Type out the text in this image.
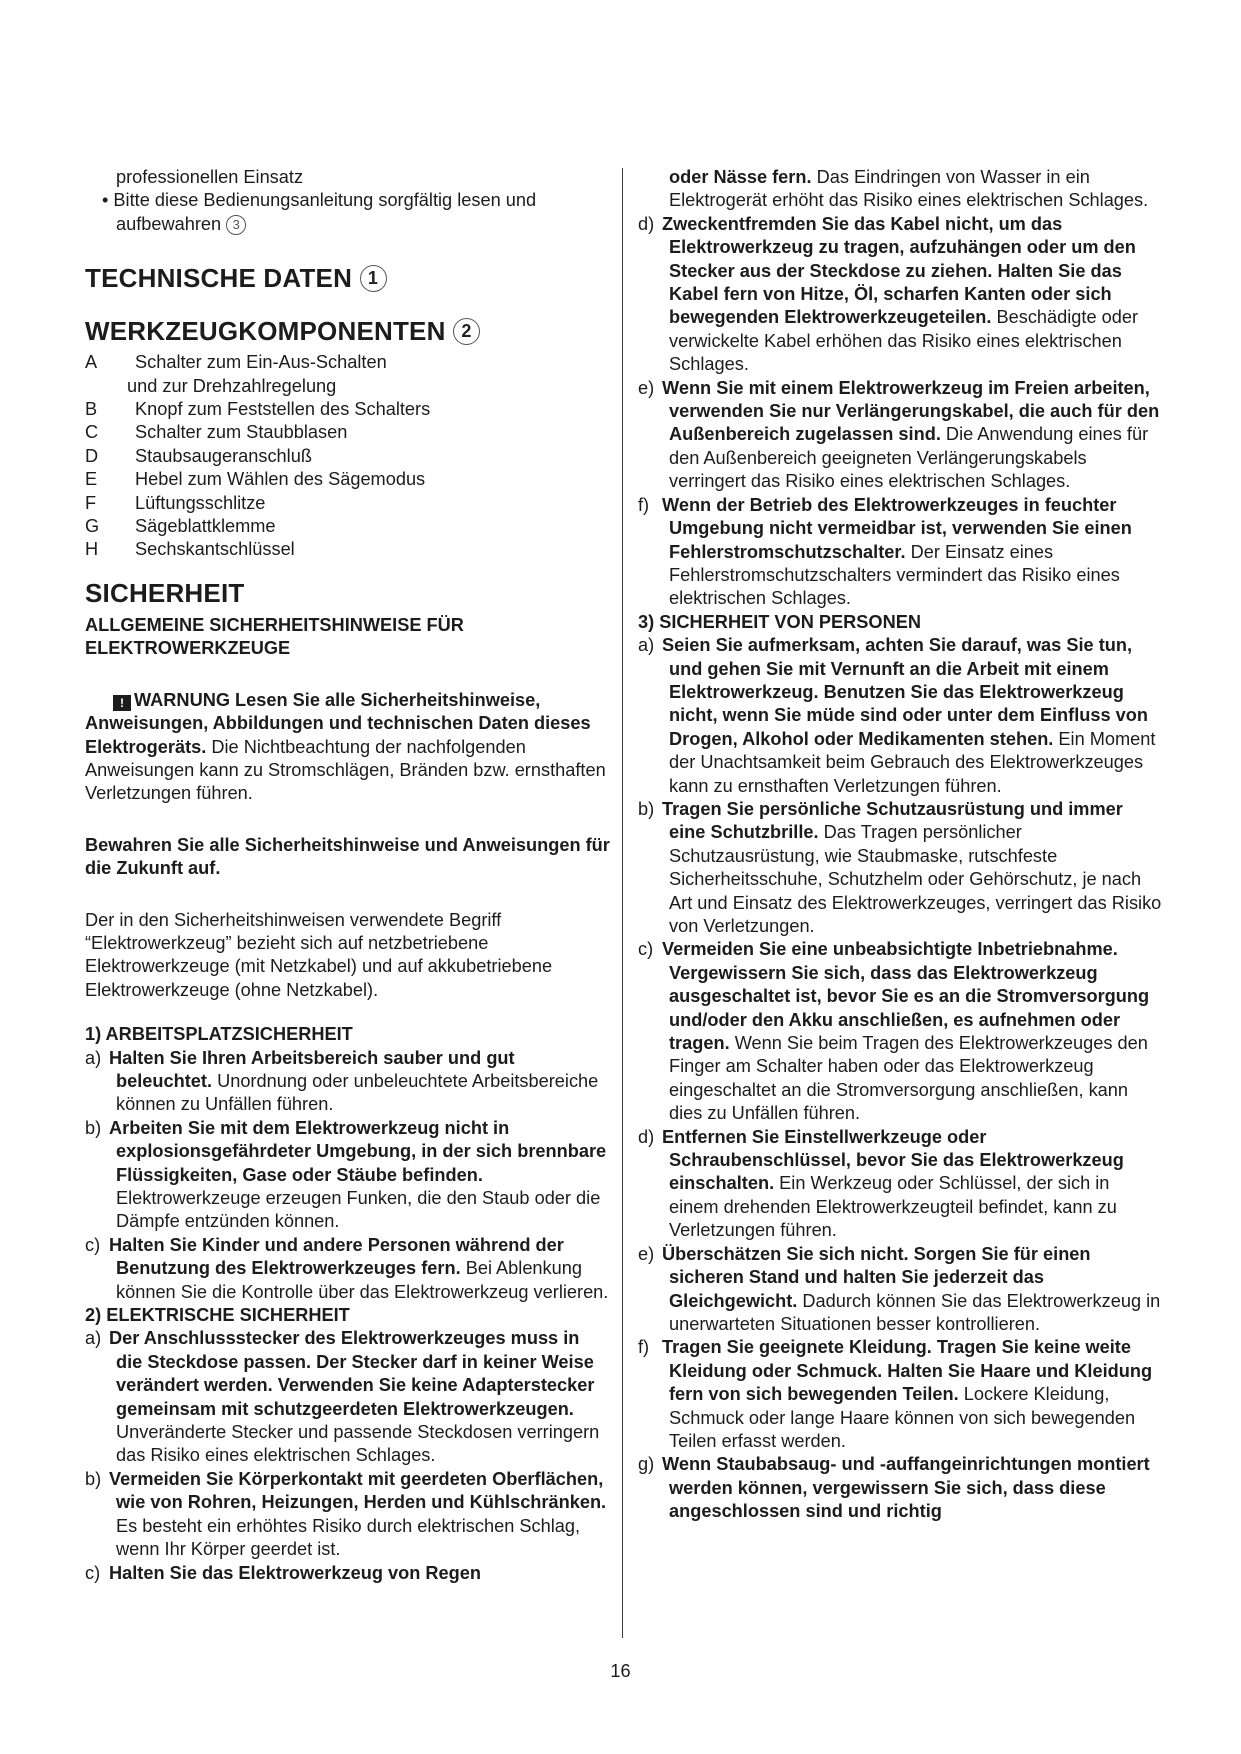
professionellen Einsatz
• Bitte diese Bedienungsanleitung sorgfältig lesen und aufbewahren 3
TECHNISCHE DATEN 1
WERKZEUGKOMPONENTEN 2
A	Schalter zum Ein-Aus-Schalten
und zur Drehzahlregelung
B	Knopf zum Feststellen des Schalters
C	Schalter zum Staubblasen
D	Staubsaugeranschluß
E	Hebel zum Wählen des Sägemodus
F	Lüftungsschlitze
G	Sägeblattklemme
H	Sechskantschlüssel
SICHERHEIT
ALLGEMEINE SICHERHEITSHINWEISE FÜR ELEKTROWERKZEUGE
! WARNUNG Lesen Sie alle Sicherheitshinweise, Anweisungen, Abbildungen und technischen Daten dieses Elektrogeräts. Die Nichtbeachtung der nachfolgenden Anweisungen kann zu Stromschlägen, Bränden bzw. ernsthaften Verletzungen führen.
Bewahren Sie alle Sicherheitshinweise und Anweisungen für die Zukunft auf.
Der in den Sicherheitshinweisen verwendete Begriff “Elektrowerkzeug” bezieht sich auf netzbetriebene Elektrowerkzeuge (mit Netzkabel) und auf akkubetriebene Elektrowerkzeuge (ohne Netzkabel).
1) ARBEITSPLATZSICHERHEIT
a) Halten Sie Ihren Arbeitsbereich sauber und gut beleuchtet. Unordnung oder unbeleuchtete Arbeitsbereiche können zu Unfällen führen.
b) Arbeiten Sie mit dem Elektrowerkzeug nicht in explosionsgefährdeter Umgebung, in der sich brennbare Flüssigkeiten, Gase oder Stäube befinden. Elektrowerkzeuge erzeugen Funken, die den Staub oder die Dämpfe entzünden können.
c) Halten Sie Kinder und andere Personen während der Benutzung des Elektrowerkzeuges fern. Bei Ablenkung können Sie die Kontrolle über das Elektrowerkzeug verlieren.
2) ELEKTRISCHE SICHERHEIT
a) Der Anschlussstecker des Elektrowerkzeuges muss in die Steckdose passen. Der Stecker darf in keiner Weise verändert werden. Verwenden Sie keine Adapterstecker gemeinsam mit schutzgeerdeten Elektrowerkzeugen. Unveränderte Stecker und passende Steckdosen verringern das Risiko eines elektrischen Schlages.
b) Vermeiden Sie Körperkontakt mit geerdeten Oberflächen, wie von Rohren, Heizungen, Herden und Kühlschränken. Es besteht ein erhöhtes Risiko durch elektrischen Schlag, wenn Ihr Körper geerdet ist.
c) Halten Sie das Elektrowerkzeug von Regen
oder Nässe fern. Das Eindringen von Wasser in ein Elektrogerät erhöht das Risiko eines elektrischen Schlages.
d) Zweckentfremden Sie das Kabel nicht, um das Elektrowerkzeug zu tragen, aufzuhängen oder um den Stecker aus der Steckdose zu ziehen. Halten Sie das Kabel fern von Hitze, Öl, scharfen Kanten oder sich bewegenden Elektrowerkzeugeteilen. Beschädigte oder verwickelte Kabel erhöhen das Risiko eines elektrischen Schlages.
e) Wenn Sie mit einem Elektrowerkzeug im Freien arbeiten, verwenden Sie nur Verlängerungskabel, die auch für den Außenbereich zugelassen sind. Die Anwendung eines für den Außenbereich geeigneten Verlängerungskabels verringert das Risiko eines elektrischen Schlages.
f) Wenn der Betrieb des Elektrowerkzeuges in feuchter Umgebung nicht vermeidbar ist, verwenden Sie einen Fehlerstromschutzschalter. Der Einsatz eines Fehlerstromschutzschalters vermindert das Risiko eines elektrischen Schlages.
3) SICHERHEIT VON PERSONEN
a) Seien Sie aufmerksam, achten Sie darauf, was Sie tun, und gehen Sie mit Vernunft an die Arbeit mit einem Elektrowerkzeug. Benutzen Sie das Elektrowerkzeug nicht, wenn Sie müde sind oder unter dem Einfluss von Drogen, Alkohol oder Medikamenten stehen. Ein Moment der Unachtsamkeit beim Gebrauch des Elektrowerkzeuges kann zu ernsthaften Verletzungen führen.
b) Tragen Sie persönliche Schutzausrüstung und immer eine Schutzbrille. Das Tragen persönlicher Schutzausrüstung, wie Staubmaske, rutschfeste Sicherheitsschuhe, Schutzhelm oder Gehörschutz, je nach Art und Einsatz des Elektrowerkzeuges, verringert das Risiko von Verletzungen.
c) Vermeiden Sie eine unbeabsichtigte Inbetriebnahme. Vergewissern Sie sich, dass das Elektrowerkzeug ausgeschaltet ist, bevor Sie es an die Stromversorgung und/oder den Akku anschließen, es aufnehmen oder tragen. Wenn Sie beim Tragen des Elektrowerkzeuges den Finger am Schalter haben oder das Elektrowerkzeug eingeschaltet an die Stromversorgung anschließen, kann dies zu Unfällen führen.
d) Entfernen Sie Einstellwerkzeuge oder Schraubenschlüssel, bevor Sie das Elektrowerkzeug einschalten. Ein Werkzeug oder Schlüssel, der sich in einem drehenden Elektrowerkzeugteil befindet, kann zu Verletzungen führen.
e) Überschätzen Sie sich nicht. Sorgen Sie für einen sicheren Stand und halten Sie jederzeit das Gleichgewicht. Dadurch können Sie das Elektrowerkzeug in unerwarteten Situationen besser kontrollieren.
f) Tragen Sie geeignete Kleidung. Tragen Sie keine weite Kleidung oder Schmuck. Halten Sie Haare und Kleidung fern von sich bewegenden Teilen. Lockere Kleidung, Schmuck oder lange Haare können von sich bewegenden Teilen erfasst werden.
g) Wenn Staubabsaug- und -auffangeinrichtungen montiert werden können, vergewissern Sie sich, dass diese angeschlossen sind und richtig
16
